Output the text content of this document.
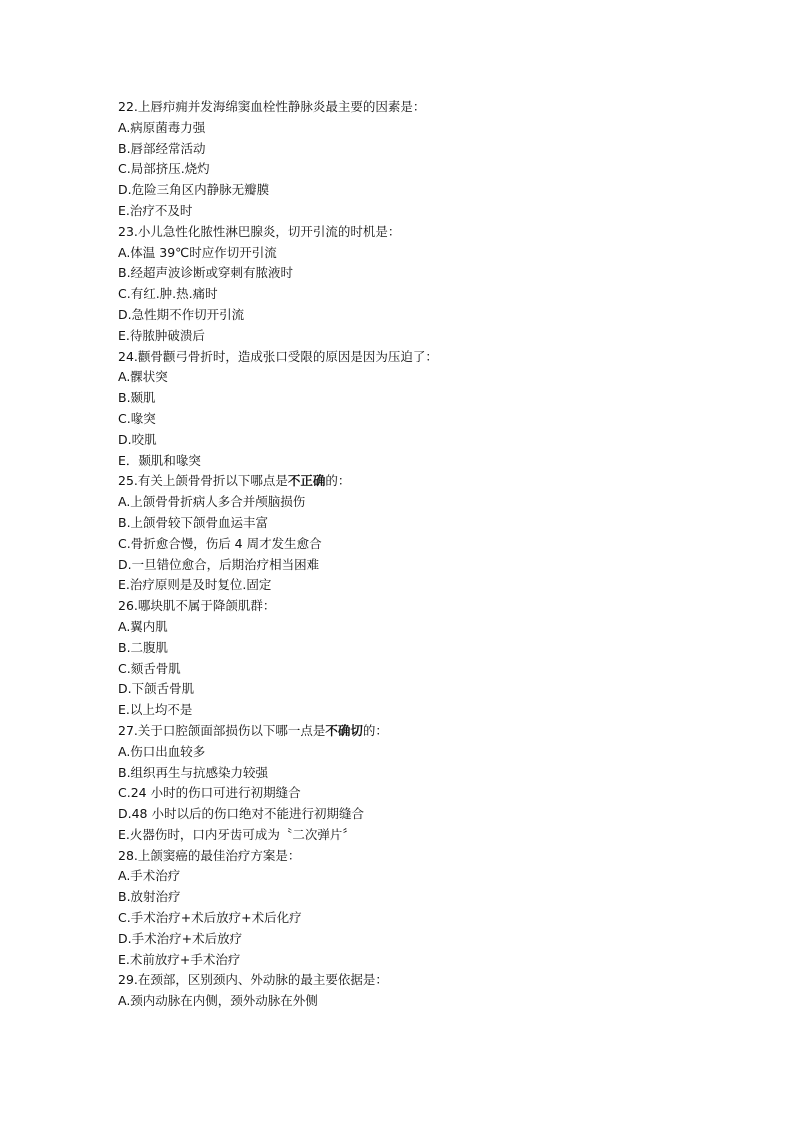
22.上唇疖痈并发海绵窦血栓性静脉炎最主要的因素是：
A.病原菌毒力强
B.唇部经常活动
C.局部挤压.烧灼
D.危险三角区内静脉无瓣膜
E.治疗不及时
23.小儿急性化脓性淋巴腺炎，切开引流的时机是：
A.体温 39℃时应作切开引流
B.经超声波诊断或穿刺有脓液时
C.有红.肿.热.痛时
D.急性期不作切开引流
E.待脓肿破溃后
24.颧骨颧弓骨折时，造成张口受限的原因是因为压迫了：
A.髁状突
B.颞肌
C.喙突
D.咬肌
E．颞肌和喙突
25.有关上颌骨骨折以下哪点是不正确的：
A.上颌骨骨折病人多合并颅脑损伤
B.上颌骨较下颌骨血运丰富
C.骨折愈合慢，伤后 4 周才发生愈合
D.一旦错位愈合，后期治疗相当困难
E.治疗原则是及时复位.固定
26.哪块肌不属于降颌肌群：
A.翼内肌
B.二腹肌
C.颏舌骨肌
D.下颌舌骨肌
E.以上均不是
27.关于口腔颌面部损伤以下哪一点是不确切的：
A.伤口出血较多
B.组织再生与抗感染力较强
C.24 小时的伤口可进行初期缝合
D.48 小时以后的伤口绝对不能进行初期缝合
E.火器伤时，口内牙齿可成为〝二次弹片〞
28.上颌窦癌的最佳治疗方案是：
A.手术治疗
B.放射治疗
C.手术治疗+术后放疗+术后化疗
D.手术治疗+术后放疗
E.术前放疗+手术治疗
29.在颈部，区别颈内、外动脉的最主要依据是：
A.颈内动脉在内侧，颈外动脉在外侧
